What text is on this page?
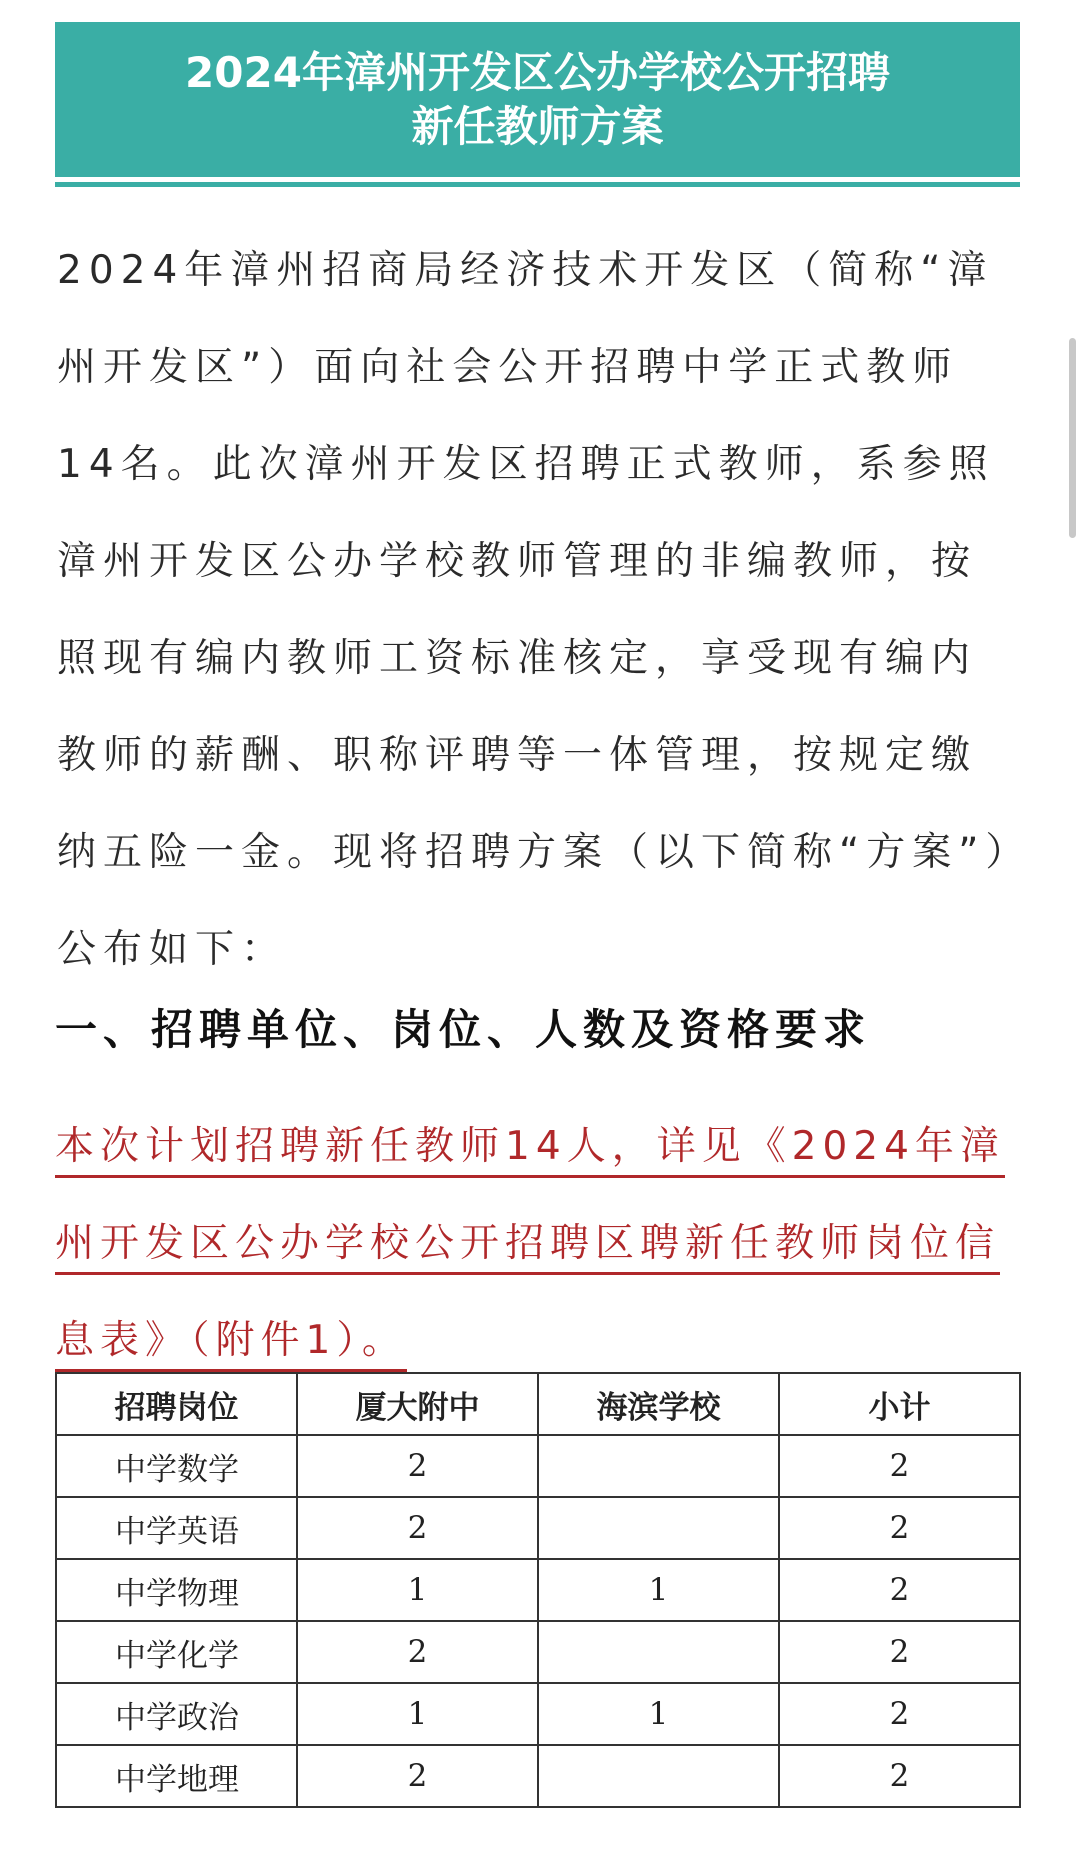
2024年漳州开发区公办学校公开招聘
新任教师方案

2024年漳州招商局经济技术开发区（简称“漳州开发区”）面向社会公开招聘中学正式教师14名。此次漳州开发区招聘正式教师，系参照漳州开发区公办学校教师管理的非编教师，按照现有编内教师工资标准核定，享受现有编内教师的薪酬、职称评聘等一体管理，按规定缴纳五险一金。现将招聘方案（以下简称“方案”）公布如下：

一、招聘单位、岗位、人数及资格要求

本次计划招聘新任教师14人，详见《2024年漳州开发区公办学校公开招聘区聘新任教师岗位信息表》（附件1）。

招聘岗位	厦大附中	海滨学校	小计
中学数学	2		2
中学英语	2		2
中学物理	1	1	2
中学化学	2		2
中学政治	1	1	2
中学地理	2		2
